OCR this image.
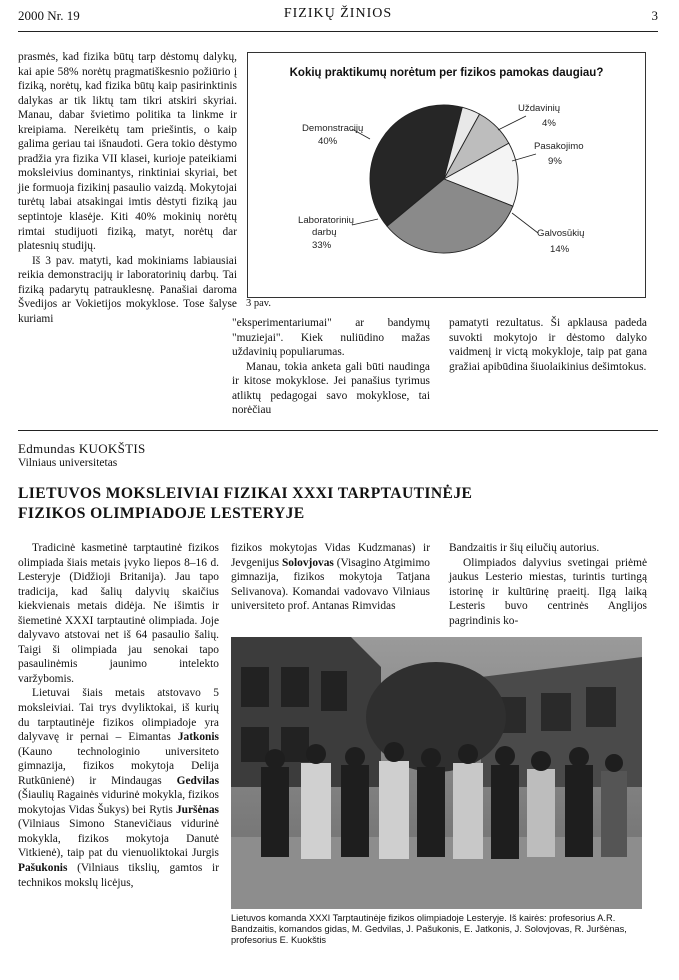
2000 Nr. 19	FIZIKŲ ŽINIOS	3

prasmės, kad fizika būtų tarp dėstomų dalykų, kai apie 58% norėtų pragmatiškesnio požiūrio į fiziką, norėtų, kad fizika būtų kaip pasirinktinis dalykas ar tik liktų tam tikri atskiri skyriai. Manau, dabar švietimo politika ta linkme ir kreipiama. Nereikėtų tam priešintis, o kaip galima geriau tai išnaudoti. Gera tokio dėstymo pradžia yra fizika VII klasei, kurioje pateikiami moksleivius dominantys, rinktiniai skyriai, bet jie formuoja fizikinį pasaulio vaizdą. Mokytojai turėtų labai atsakingai imtis dėstyti fiziką jau septintoje klasėje. Kiti 40% mokinių norėtų rimtai studijuoti fiziką, matyt, norėtų dar platesnių studijų.

Iš 3 pav. matyti, kad mokiniams labiausiai reikia demonstracijų ir laboratorinių darbų. Tai fiziką padarytų patrauklesnę. Panašiai daroma Švedijos ar Vokietijos mokyklose. Tose šalyse kuriami

Kokių praktikumų norėtum per fizikos pamokas daugiau?
Demonstracijų
40%
Uždavinių
4%
Pasakojimo
9%
Galvosūkių
14%
Laboratorinių darbų
33%
3 pav.

"eksperimentariumai" ar bandymų "muziejai". Kiek nuliūdino mažas uždavinių populiarumas.

Manau, tokia anketa gali būti naudinga ir kitose mokyklose. Jei panašius tyrimus atliktų pedagogai savo mokyklose, tai norėčiau

pamatyti rezultatus. Ši apklausa padeda suvokti mokytojo ir dėstomo dalyko vaidmenį ir victą mokykloje, taip pat gana gražiai apibūdina šiuolaikinius dešimtokus.

Edmundas KUOKŠTIS
Vilniaus universitetas
LIETUVOS MOKSLEIVIAI FIZIKAI XXXI TARPTAUTINĖJE
FIZIKOS OLIMPIADOJE LESTERYJE

Tradicinė kasmetinė tarptautinė fizikos olimpiada šiais metais įvyko liepos 8–16 d. Lesteryje (Didžioji Britanija). Jau tapo tradicija, kad šalių dalyvių skaičius kiekvienais metais didėja. Ne išimtis ir šiemetinė XXXI tarptautinė olimpiada. Joje dalyvavo atstovai net iš 64 pasaulio šalių. Taigi ši olimpiada jau senokai tapo pasaulinėmis jaunimo intelekto varžybomis.

Lietuvai šiais metais atstovavo 5 moksleiviai. Tai trys dvyliktokai, iš kurių du tarptautinėje fizikos olimpiadoje yra dalyvavę ir pernai – Eimantas Jatkonis (Kauno technologinio universiteto gimnazija, fizikos mokytoja Delija Rutkūnienė) ir Mindaugas Gedvilas (Šiaulių Ragainės vidurinė mokykla, fizikos mokytojas Vidas Šukys) bei Rytis Juršėnas (Vilniaus Simono Stanevičiaus vidurinė mokykla, fizikos mokytoja Danutė Vitkienė), taip pat du vienuoliktokai Jurgis Pašukonis (Vilniaus tikslių, gamtos ir technikos mokslų licėjus,

fizikos mokytojas Vidas Kudzmanas) ir Jevgenijus Solovjovas (Visagino Atgimimo gimnazija, fizikos mokytoja Tatjana Selivanova). Komandai vadovavo Vilniaus universiteto prof. Antanas Rimvidas

Bandzaitis ir šių eilučių autorius.

Olimpiados dalyvius svetingai priėmė jaukus Lesterio miestas, turintis turtingą istorinę ir kultūrinę praeitį. Ilgą laiką Lesteris buvo centrinės Anglijos pagrindinis ko-

Lietuvos komanda XXXI Tarptautinėje fizikos olimpiadoje Lesteryje. Iš kairės: profesorius A.R. Bandzaitis, komandos gidas, M. Gedvilas, J. Pašukonis, E. Jatkonis, J. Solovjovas, R. Juršėnas, profesorius E. Kuokštis
